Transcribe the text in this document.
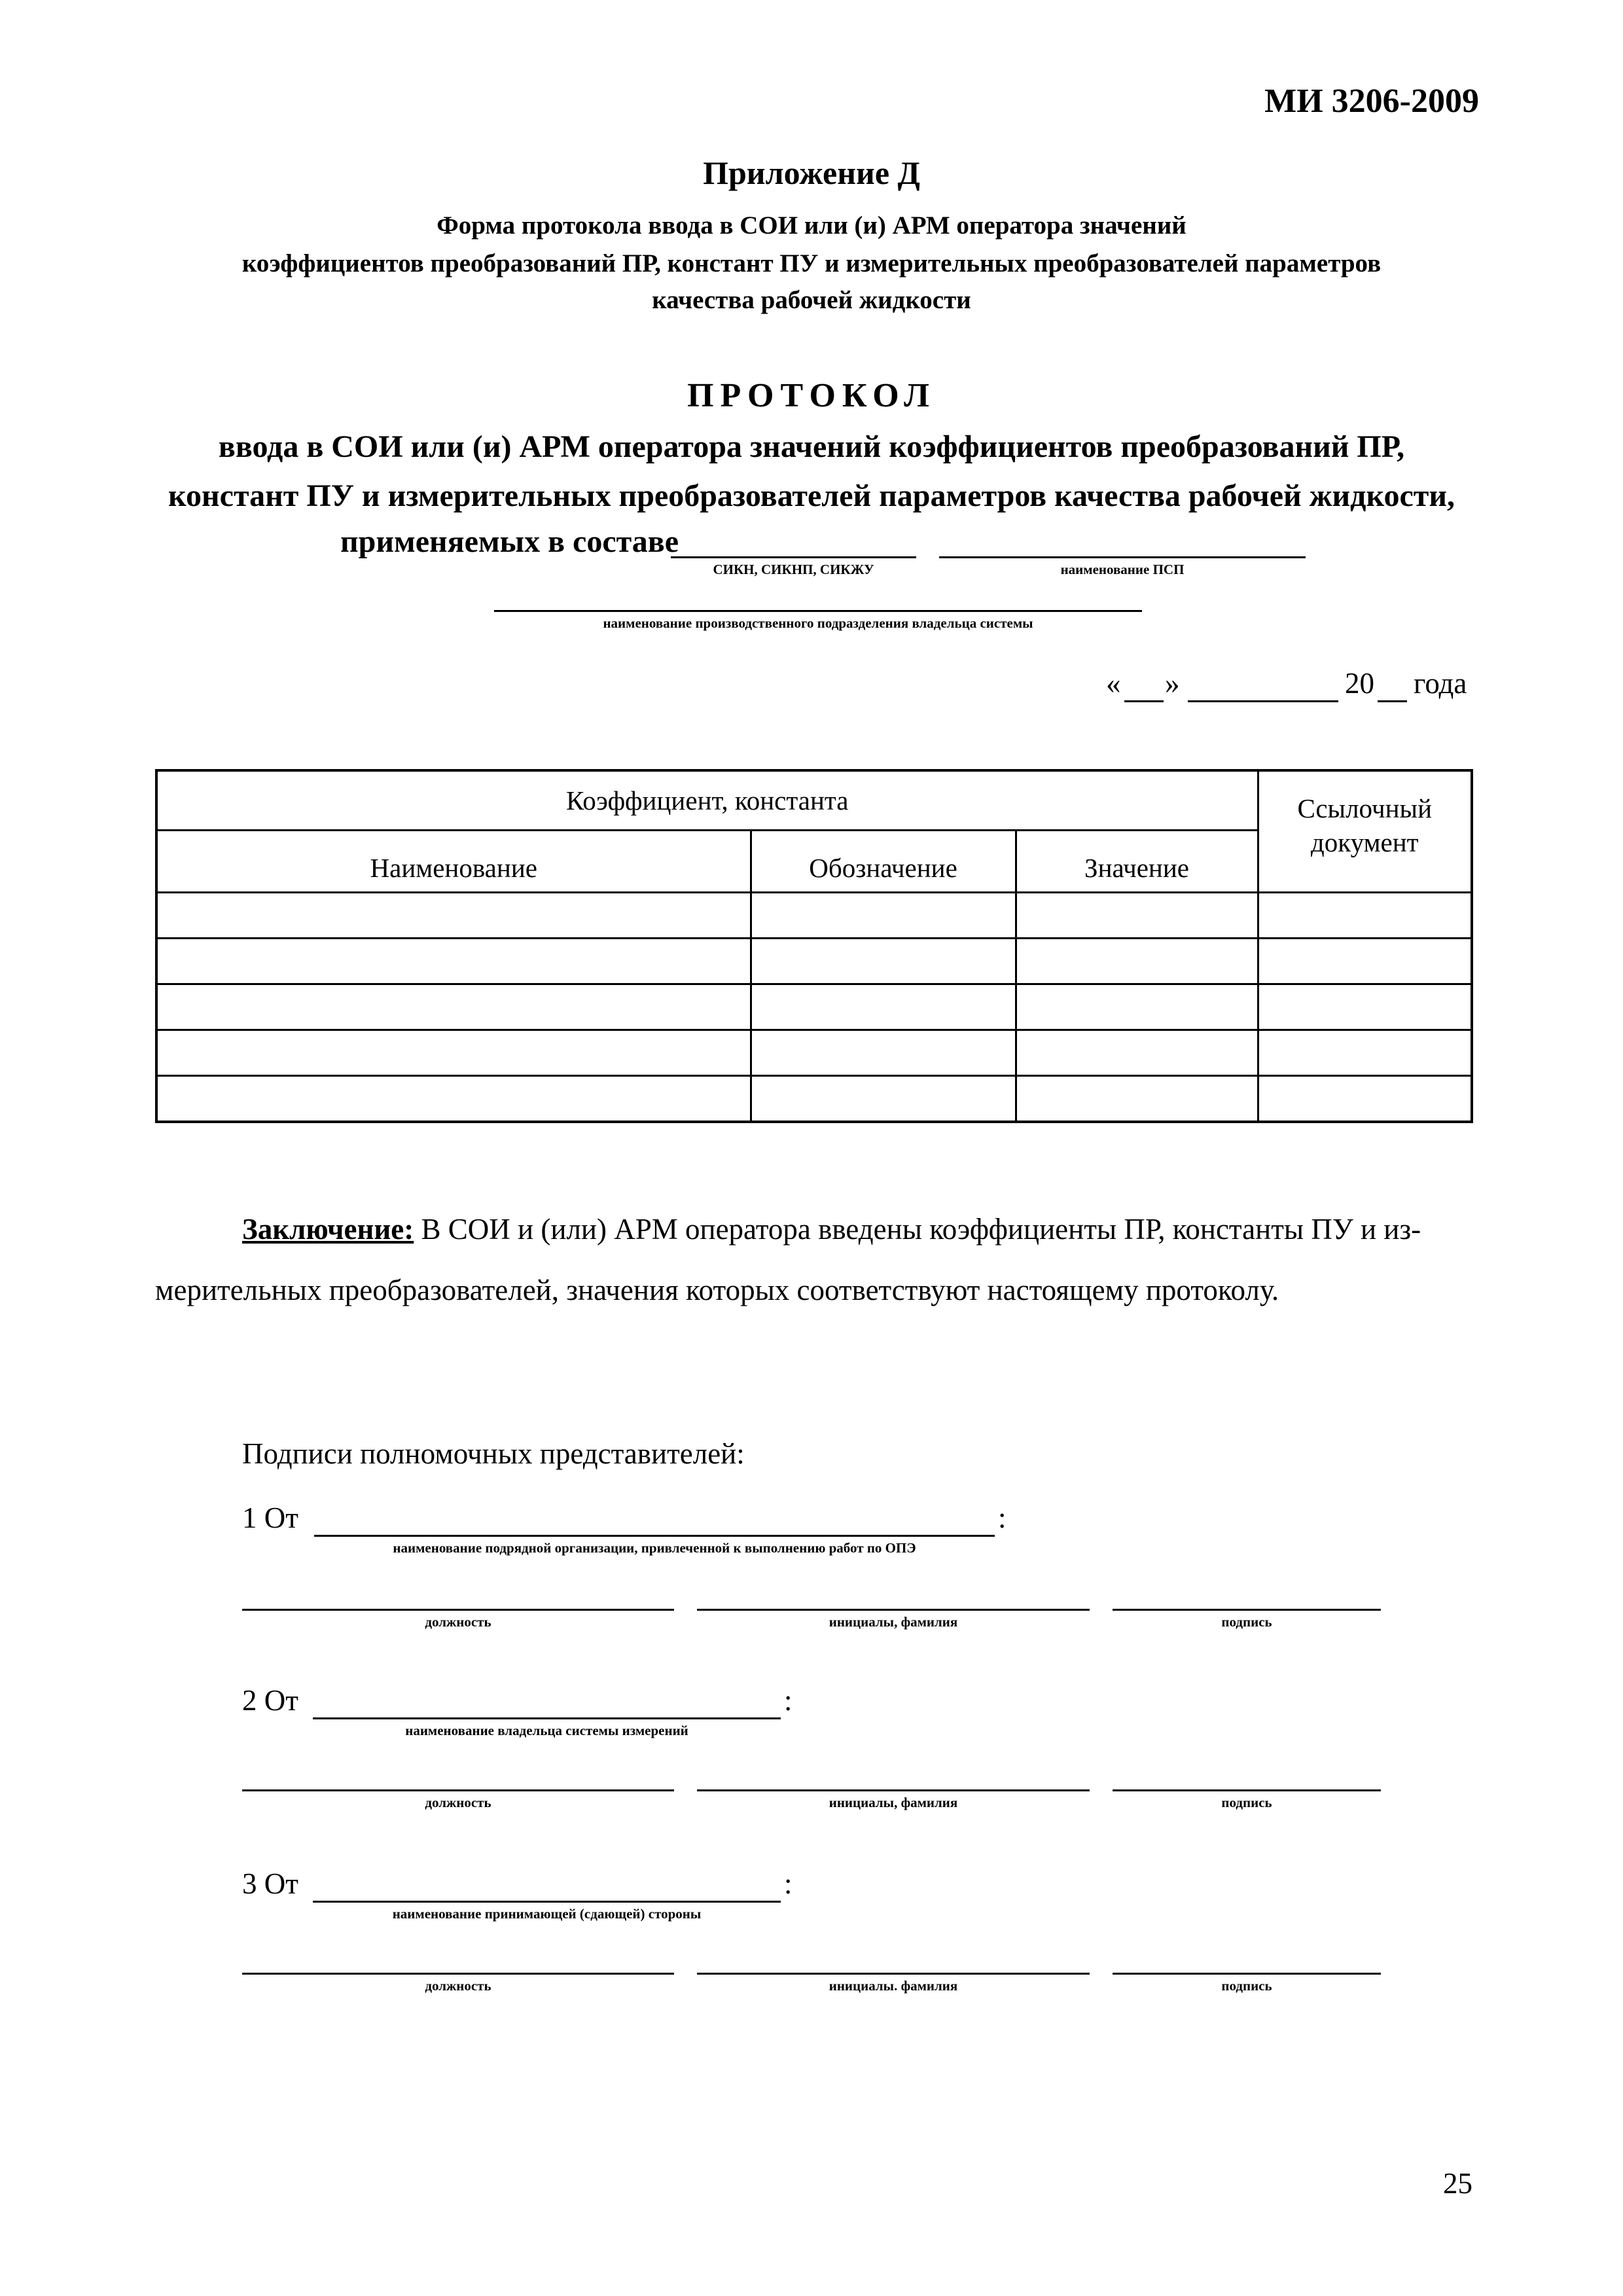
МИ 3206-2009
Приложение Д
Форма протокола ввода в СОИ или (и) АРМ оператора значений
коэффициентов преобразований ПР, констант ПУ и измерительных преобразователей параметров
качества рабочей жидкости
ПРОТОКОЛ
ввода в СОИ или (и) АРМ оператора значений коэффициентов преобразований ПР,
констант ПУ и измерительных преобразователей параметров качества рабочей жидкости,
применяемых в составе
СИКН, СИКНП, СИКЖУ	наименование ПСП
наименование производственного подразделения владельца системы
« »	20 года
Коэффициент, константа			Ссылочный
документ
Наименование	Обозначение	Значение	

Заключение: В СОИ и (или) АРМ оператора введены коэффициенты ПР, константы ПУ и из-
мерительных преобразователей, значения которых соответствуют настоящему протоколу.
Подписи полномочных представителей:
1 От	:
наименование подрядной организации, привлеченной к выполнению работ по ОПЭ
должность	инициалы, фамилия	подпись
2 От	:
наименование владельца системы измерений
должность	инициалы, фамилия	подпись
3 От	:
наименование принимающей (сдающей) стороны
должность	инициалы. фамилия	подпись
25
